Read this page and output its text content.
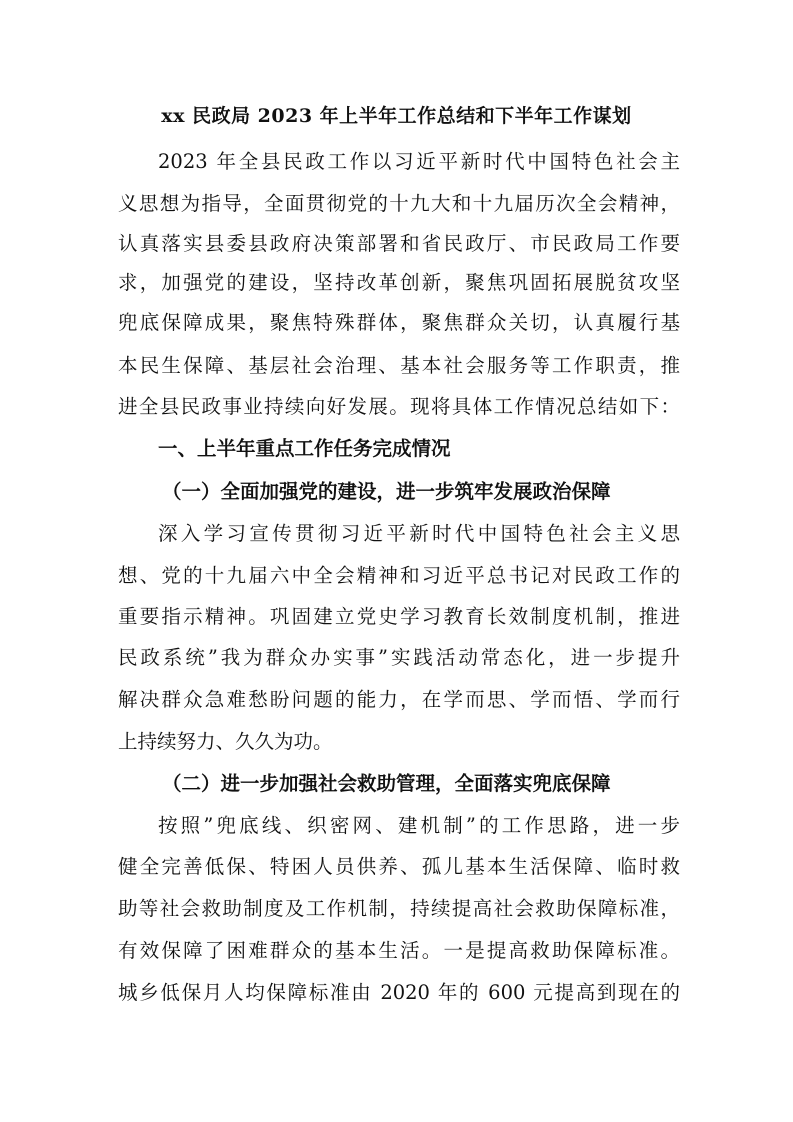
xx 民政局 2023 年上半年工作总结和下半年工作谋划
2023 年全县民政工作以习近平新时代中国特色社会主
义思想为指导，全面贯彻党的十九大和十九届历次全会精神，
认真落实县委县政府决策部署和省民政厅、市民政局工作要
求，加强党的建设，坚持改革创新，聚焦巩固拓展脱贫攻坚
兜底保障成果，聚焦特殊群体，聚焦群众关切，认真履行基
本民生保障、基层社会治理、基本社会服务等工作职责，推
进全县民政事业持续向好发展。现将具体工作情况总结如下：
一、上半年重点工作任务完成情况
（一）全面加强党的建设，进一步筑牢发展政治保障
深入学习宣传贯彻习近平新时代中国特色社会主义思
想、党的十九届六中全会精神和习近平总书记对民政工作的
重要指示精神。巩固建立党史学习教育长效制度机制，推进
民政系统”我为群众办实事”实践活动常态化，进一步提升
解决群众急难愁盼问题的能力，在学而思、学而悟、学而行
上持续努力、久久为功。
（二）进一步加强社会救助管理，全面落实兜底保障
按照”兜底线、织密网、建机制”的工作思路，进一步
健全完善低保、特困人员供养、孤儿基本生活保障、临时救
助等社会救助制度及工作机制，持续提高社会救助保障标准，
有效保障了困难群众的基本生活。一是提高救助保障标准。
城乡低保月人均保障标准由 2020 年的 600 元提高到现在的
